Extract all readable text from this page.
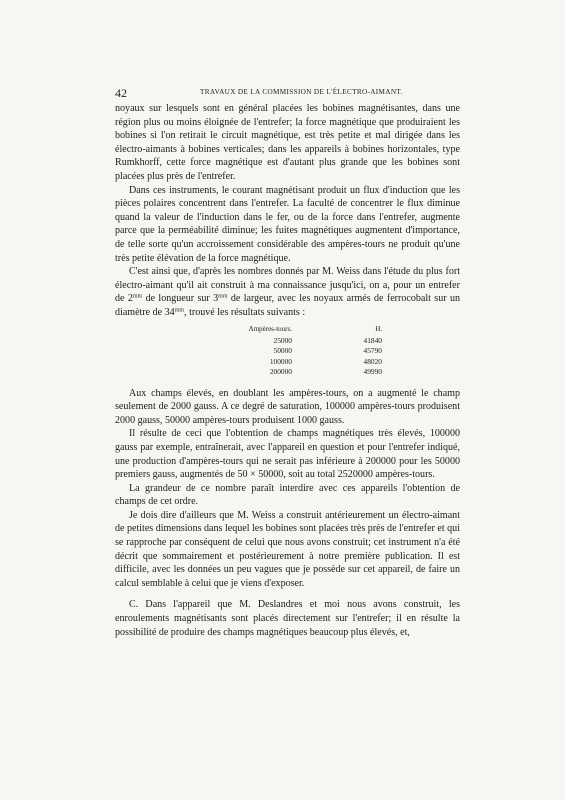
42	TRAVAUX DE LA COMMISSION DE L'ÉLECTRO-AIMANT.

noyaux sur lesquels sont en général placées les bobines magnétisantes, dans une région plus ou moins éloignée de l'entrefer; la force magnétique que produiraient les bobines si l'on retirait le circuit magnétique, est très petite et mal dirigée dans les électro-aimants à bobines verticales; dans les appareils à bobines horizontales, type Rumkhorff, cette force magnétique est d'autant plus grande que les bobines sont placées plus près de l'entrefer.

Dans ces instruments, le courant magnétisant produit un flux d'induction que les pièces polaires concentrent dans l'entrefer. La faculté de concentrer le flux diminue quand la valeur de l'induction dans le fer, ou de la force dans l'entrefer, augmente parce que la perméabilité diminue; les fuites magnétiques augmentent d'importance, de telle sorte qu'un accroissement considérable des ampères-tours ne produit qu'une très petite élévation de la force magnétique.

C'est ainsi que, d'après les nombres donnés par M. Weiss dans l'étude du plus fort électro-aimant qu'il ait construit à ma connaissance jusqu'ici, on a, pour un entrefer de $2^{mm}$ de longueur sur $3^{mm}$ de largeur, avec les noyaux armés de ferrocobalt sur un diamètre de $34^{mm}$, trouvé les résultats suivants :

Ampères-tours.	H.
25000	41840
50000	45790
100000	48020
200000	49990

Aux champs élevés, en doublant les ampères-tours, on a augmenté le champ seulement de 2000 gauss. A ce degré de saturation, 100000 ampères-tours produisent 2000 gauss, 50000 ampères-tours produisent 1000 gauss.

Il résulte de ceci que l'obtention de champs magnétiques très élevés, 100000 gauss par exemple, entraînerait, avec l'appareil en question et pour l'entrefer indiqué, une production d'ampères-tours qui ne serait pas inférieure à 200000 pour les 50000 premiers gauss, augmentés de 50 × 50000, soit au total 2520000 ampères-tours.

La grandeur de ce nombre paraît interdire avec ces appareils l'obtention de champs de cet ordre.

Je dois dire d'ailleurs que M. Weiss a construit antérieurement un électro-aimant de petites dimensions dans lequel les bobines sont placées très près de l'entrefer et qui se rapproche par conséquent de celui que nous avons construit; cet instrument n'a été décrit que sommairement et postérieurement à notre première publication. Il est difficile, avec les données un peu vagues que je possède sur cet appareil, de faire un calcul semblable à celui que je viens d'exposer.

C. Dans l'appareil que M. Deslandres et moi nous avons construit, les enroulements magnétisants sont placés directement sur l'entrefer; il en résulte la possibilité de produire des champs magnétiques beaucoup plus élevés, et,
